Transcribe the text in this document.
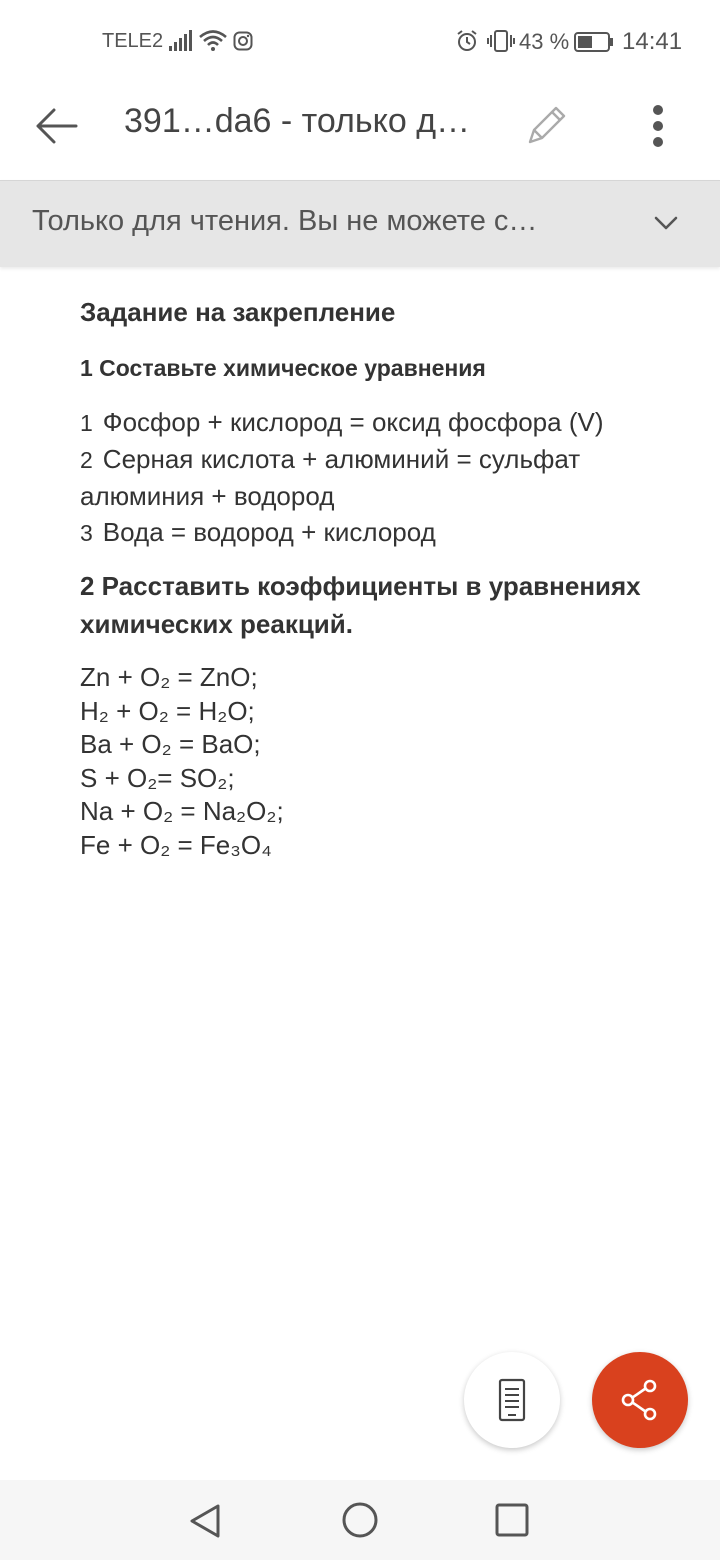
TELE2	43 % 14:41
391…da6 - только д…
Только для чтения. Вы не можете с…

Задание на закрепление

1 Составьте химическое уравнения

1 Фосфор + кислород = оксид фосфора (V)

2 Серная кислота + алюминий = сульфат алюминия + водород

3 Вода = водород + кислород

2 Расставить коэффициенты в уравнениях химических реакций.

Zn + O₂ = ZnO;

H₂ + O₂ = H₂O;

Ba + O₂ = BaO;

S + O₂= SO₂;

Na + O₂ = Na₂O₂;

Fe + O₂ = Fe₃O₄
